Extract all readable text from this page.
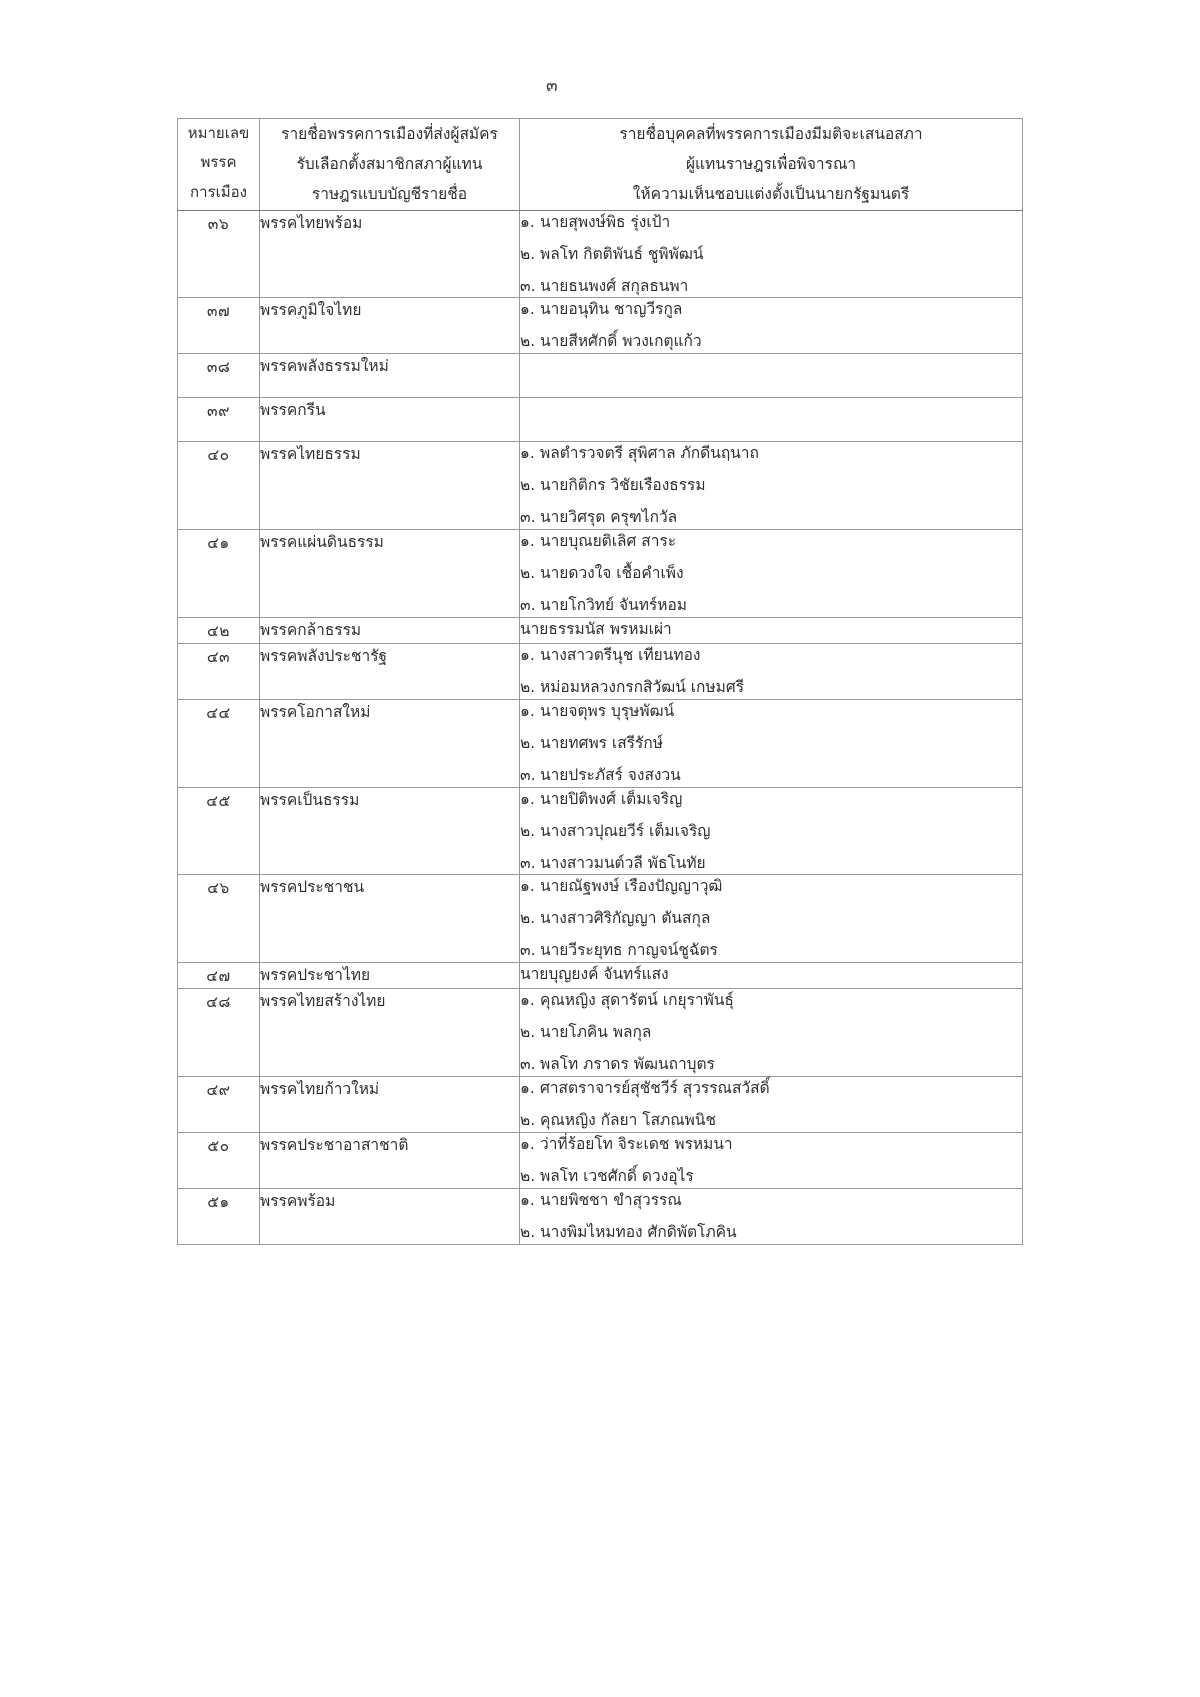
๓
หมายเลข
พรรค
การเมือง	รายชื่อพรรคการเมืองที่ส่งผู้สมัคร
รับเลือกตั้งสมาชิกสภาผู้แทน
ราษฎรแบบบัญชีรายชื่อ	รายชื่อบุคคลที่พรรคการเมืองมีมติจะเสนอสภา
ผู้แทนราษฎรเพื่อพิจารณา
ให้ความเห็นชอบแต่งตั้งเป็นนายกรัฐมนตรี

๓๖	พรรคไทยพร้อม	๑. นายสุพงษ์พิธ รุ่งเป้า
๒. พลโท กิตติพันธ์ ชูพิพัฒน์
๓. นายธนพงศ์ สกุลธนพา

๓๗	พรรคภูมิใจไทย	๑. นายอนุทิน ชาญวีรกูล
๒. นายสีหศักดิ์ พวงเกตุแก้ว

๓๘	พรรคพลังธรรมใหม่	
๓๙	พรรคกรีน	
๔๐	พรรคไทยธรรม	๑. พลตำรวจตรี สุพิศาล ภักดีนฤนาถ
๒. นายกิติกร วิชัยเรืองธรรม
๓. นายวิศรุต ครุฑไกวัล

๔๑	พรรคแผ่นดินธรรม	๑. นายบุณยติเลิศ สาระ
๒. นายดวงใจ เชื้อคำเพ็ง
๓. นายโกวิทย์ จันทร์หอม

๔๒	พรรคกล้าธรรม	นายธรรมนัส พรหมเผ่า

๔๓	พรรคพลังประชารัฐ	๑. นางสาวตรีนุช เทียนทอง
๒. หม่อมหลวงกรกสิวัฒน์ เกษมศรี

๔๔	พรรคโอกาสใหม่	๑. นายจตุพร บุรุษพัฒน์
๒. นายทศพร เสรีรักษ์
๓. นายประภัสร์ จงสงวน

๔๕	พรรคเป็นธรรม	๑. นายปิติพงศ์ เต็มเจริญ
๒. นางสาวปุณยวีร์ เต็มเจริญ
๓. นางสาวมนต์วลี พัธโนทัย

๔๖	พรรคประชาชน	๑. นายณัฐพงษ์ เรืองปัญญาวุฒิ
๒. นางสาวศิริกัญญา ตันสกุล
๓. นายวีระยุทธ กาญจน์ชูฉัตร

๔๗	พรรคประชาไทย	นายบุญยงค์ จันทร์แสง

๔๘	พรรคไทยสร้างไทย	๑. คุณหญิง สุดารัตน์ เกยุราพันธุ์
๒. นายโภคิน พลกุล
๓. พลโท ภราดร พัฒนถาบุตร

๔๙	พรรคไทยก้าวใหม่	๑. ศาสตราจารย์สุชัชวีร์ สุวรรณสวัสดิ์
๒. คุณหญิง กัลยา โสภณพนิช

๕๐	พรรคประชาอาสาชาติ	๑. ว่าที่ร้อยโท จิระเดช พรหมนา
๒. พลโท เวชศักดิ์ ดวงอุไร

๕๑	พรรคพร้อม	๑. นายพิชชา ขำสุวรรณ
๒. นางพิมไหมทอง ศักดิพัตโภคิน
